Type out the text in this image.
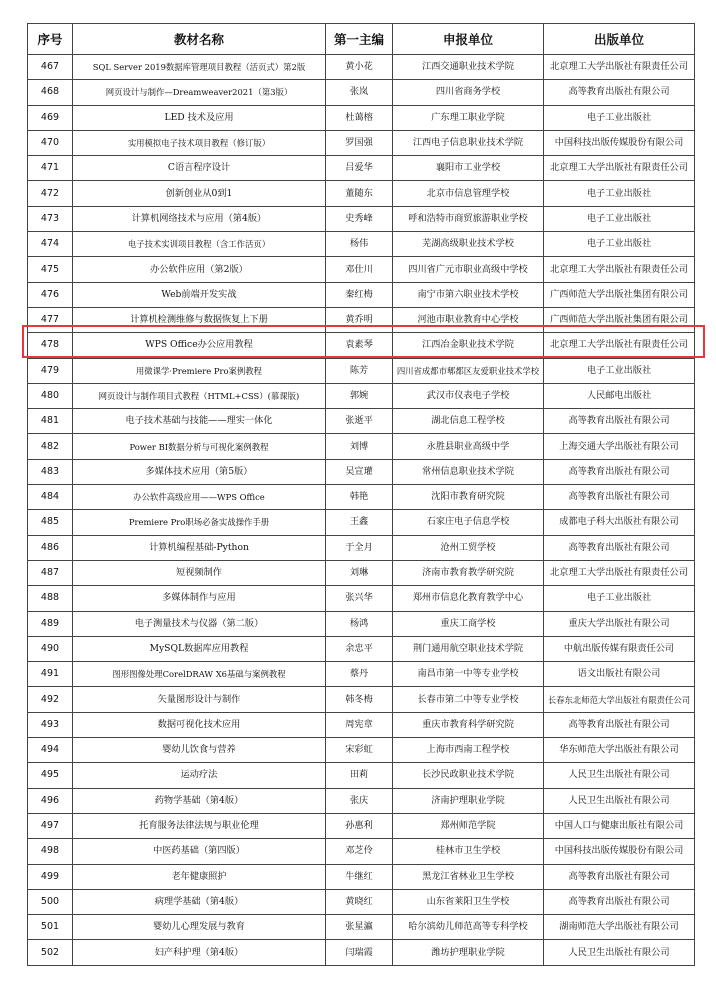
序号	教材名称	第一主编	申报单位	出版单位
467	SQL Server 2019数据库管理项目教程（活页式）第2版	黄小花	江西交通职业技术学院	北京理工大学出版社有限责任公司
468	网页设计与制作—Dreamweaver2021（第3版）	张岚	四川省商务学校	高等教育出版社有限公司
469	LED 技术及应用	杜蔼榕	广东理工职业学院	电子工业出版社
470	实用模拟电子技术项目教程（修订版）	罗国强	江西电子信息职业技术学院	中国科技出版传媒股份有限公司
471	C语言程序设计	吕爱华	襄阳市工业学校	北京理工大学出版社有限责任公司
472	创新创业从0到1	董随东	北京市信息管理学校	电子工业出版社
473	计算机网络技术与应用（第4版）	史秀峰	呼和浩特市商贸旅游职业学校	电子工业出版社
474	电子技术实训项目教程（含工作活页）	杨伟	芜湖高级职业技术学校	电子工业出版社
475	办公软件应用（第2版）	邓仕川	四川省广元市职业高级中学校	北京理工大学出版社有限责任公司
476	Web前端开发实战	秦红梅	南宁市第六职业技术学校	广西师范大学出版社集团有限公司
477	计算机检测维修与数据恢复上下册	黄乔明	河池市职业教育中心学校	广西师范大学出版社集团有限公司
478	WPS Office办公应用教程	袁素琴	江西冶金职业技术学院	北京理工大学出版社有限责任公司
479	用微课学·Premiere Pro案例教程	陈芳	四川省成都市郫都区友爱职业技术学校	电子工业出版社
480	网页设计与制作项目式教程（HTML+CSS）(慕课版)	郭婉	武汉市仪表电子学校	人民邮电出版社
481	电子技术基础与技能——理实一体化	张逝平	湖北信息工程学校	高等教育出版社有限公司
482	Power BI数据分析与可视化案例教程	刘博	永胜县职业高级中学	上海交通大学出版社有限公司
483	多媒体技术应用（第5版）	吴宣瓘	常州信息职业技术学院	高等教育出版社有限公司
484	办公软件高级应用——WPS Office	韩艳	沈阳市教育研究院	高等教育出版社有限公司
485	Premiere Pro职场必备实战操作手册	王鑫	石家庄电子信息学校	成都电子科大出版社有限公司
486	计算机编程基础-Python	于全月	沧州工贸学校	高等教育出版社有限公司
487	短视频制作	刘琳	济南市教育教学研究院	北京理工大学出版社有限责任公司
488	多媒体制作与应用	张兴华	郑州市信息化教育教学中心	电子工业出版社
489	电子测量技术与仪器（第二版）	杨鸿	重庆工商学校	重庆大学出版社有限公司
490	MySQL数据库应用教程	余忠平	荆门通用航空职业技术学院	中航出版传媒有限责任公司
491	图形图像处理CorelDRAW X6基础与案例教程	蔡丹	南昌市第一中等专业学校	语文出版社有限公司
492	矢量图形设计与制作	韩冬梅	长春市第二中等专业学校	长春东北师范大学出版社有限责任公司
493	数据可视化技术应用	周宪章	重庆市教育科学研究院	高等教育出版社有限公司
494	婴幼儿饮食与营养	宋彩虹	上海市西南工程学校	华东师范大学出版社有限公司
495	运动疗法	田莉	长沙民政职业技术学院	人民卫生出版社有限公司
496	药物学基础（第4版）	张庆	济南护理职业学院	人民卫生出版社有限公司
497	托育服务法律法规与职业伦理	孙惠利	郑州师范学院	中国人口与健康出版社有限公司
498	中医药基础（第四版）	邓芝伶	桂林市卫生学校	中国科技出版传媒股份有限公司
499	老年健康照护	牛继红	黑龙江省林业卫生学校	高等教育出版社有限公司
500	病理学基础（第4版）	黄晓红	山东省莱阳卫生学校	高等教育出版社有限公司
501	婴幼儿心理发展与教育	张星瀛	哈尔滨幼儿师范高等专科学校	湖南师范大学出版社有限公司
502	妇产科护理（第4版）	闫瑞霞	潍坊护理职业学院	人民卫生出版社有限公司
